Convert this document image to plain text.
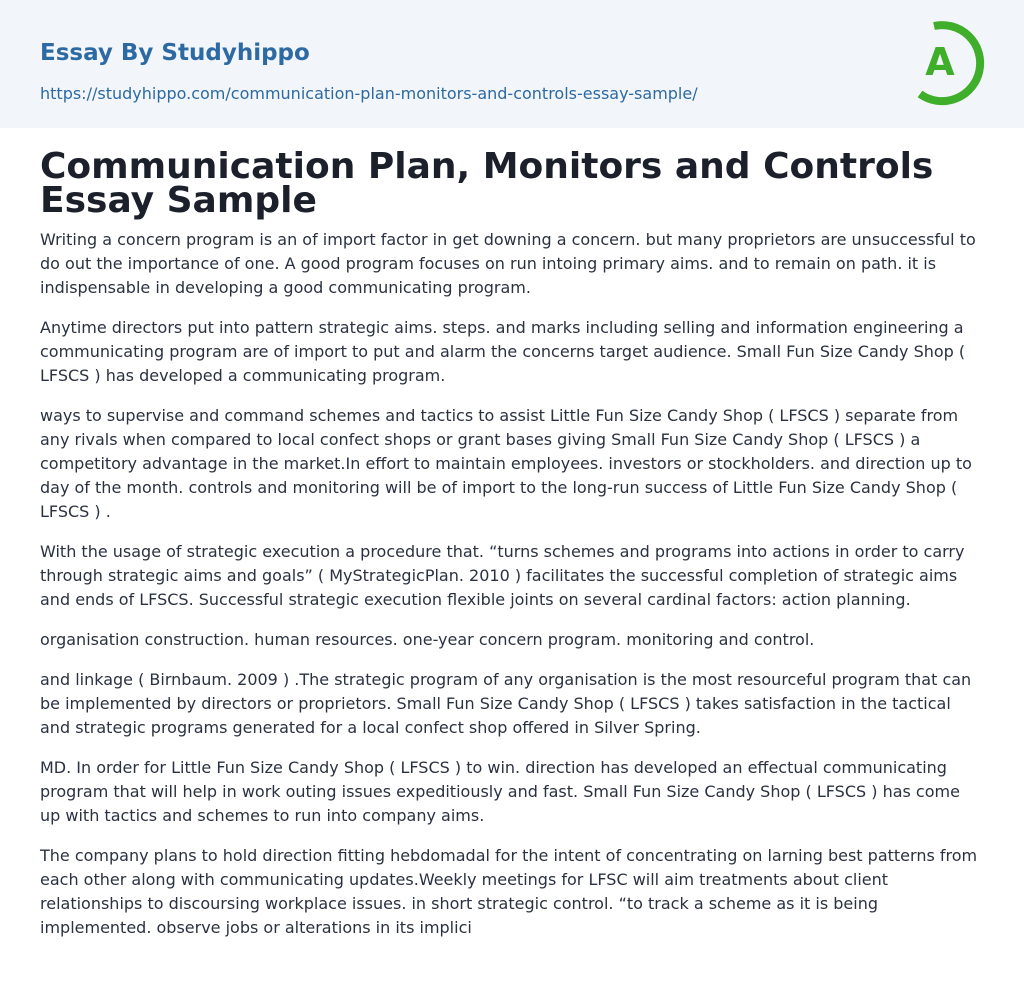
Essay By Studyhippo
https://studyhippo.com/communication-plan-monitors-and-controls-essay-sample/
A
Communication Plan, Monitors and Controls Essay Sample

Writing a concern program is an of import factor in get downing a concern. but many proprietors are unsuccessful to do out the importance of one. A good program focuses on run intoing primary aims. and to remain on path. it is indispensable in developing a good communicating program.

Anytime directors put into pattern strategic aims. steps. and marks including selling and information engineering a communicating program are of import to put and alarm the concerns target audience. Small Fun Size Candy Shop ( LFSCS ) has developed a communicating program.

ways to supervise and command schemes and tactics to assist Little Fun Size Candy Shop ( LFSCS ) separate from any rivals when compared to local confect shops or grant bases giving Small Fun Size Candy Shop ( LFSCS ) a competitory advantage in the market.In effort to maintain employees. investors or stockholders. and direction up to day of the month. controls and monitoring will be of import to the long-run success of Little Fun Size Candy Shop ( LFSCS ) .

With the usage of strategic execution a procedure that. “turns schemes and programs into actions in order to carry through strategic aims and goals” ( MyStrategicPlan. 2010 ) facilitates the successful completion of strategic aims and ends of LFSCS. Successful strategic execution flexible joints on several cardinal factors: action planning.

organisation construction. human resources. one-year concern program. monitoring and control.

and linkage ( Birnbaum. 2009 ) .The strategic program of any organisation is the most resourceful program that can be implemented by directors or proprietors. Small Fun Size Candy Shop ( LFSCS ) takes satisfaction in the tactical and strategic programs generated for a local confect shop offered in Silver Spring.

MD. In order for Little Fun Size Candy Shop ( LFSCS ) to win. direction has developed an effectual communicating program that will help in work outing issues expeditiously and fast. Small Fun Size Candy Shop ( LFSCS ) has come up with tactics and schemes to run into company aims.

The company plans to hold direction fitting hebdomadal for the intent of concentrating on larning best patterns from each other along with communicating updates.Weekly meetings for LFSC will aim treatments about client relationships to discoursing workplace issues. in short strategic control. “to track a scheme as it is being implemented. observe jobs or alterations in its implici
